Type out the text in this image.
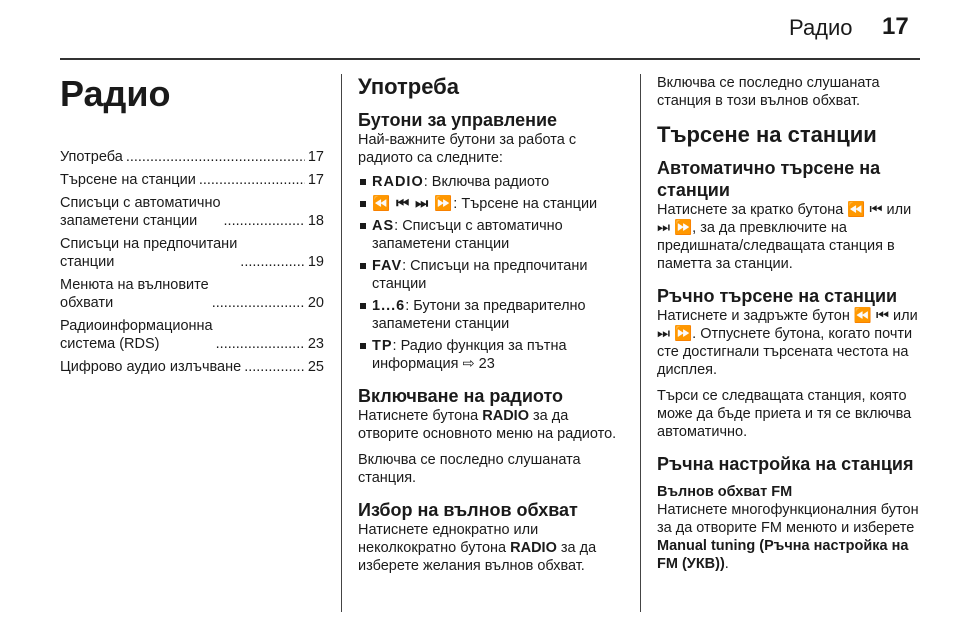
Радио 17
Радио
Употреба .....	17
Търсене на станции .....	17
Списъци с автоматично
запаметени станции .....	18
Списъци на предпочитани
станции .....	19
Менюта на вълновите
обхвати .....	20
Радиоинформационна
система (RDS) .....	23
Цифрово аудио излъчване .....	25
Употреба
Бутони за управление

Най-важните бутони за работа с радиото са следните:

RADIO: Включва радиото
⏪ ⏮ ⏭ ⏩: Търсене на станции
AS: Списъци с автоматично запаметени станции
FAV: Списъци на предпочитани станции
1...6: Бутони за предварително запаметени станции
TP: Радио функция за пътна информация ⇨ 23
Включване на радиото

Натиснете бутона RADIO за да отворите основното меню на радиото.

Включва се последно слушаната станция.

Избор на вълнов обхват

Натиснете еднократно или неколкократно бутона RADIO за да изберете желания вълнов обхват.

Включва се последно слушаната станция в този вълнов обхват.

Търсене на станции
Автоматично търсене на станции

Натиснете за кратко бутона ⏪ ⏮ или ⏭ ⏩, за да превключите на предишната/следващата станция в паметта за станции.

Ръчно търсене на станции

Натиснете и задръжте бутон ⏪ ⏮ или ⏭ ⏩. Отпуснете бутона, когато почти сте достигнали търсената честота на дисплея.

Търси се следващата станция, която може да бъде приета и тя се включва автоматично.

Ръчна настройка на станция
Вълнов обхват FM

Натиснете многофункционалния бутон за да отворите FM менюто и изберете Manual tuning (Ръчна настройка на FM (УКВ)).
